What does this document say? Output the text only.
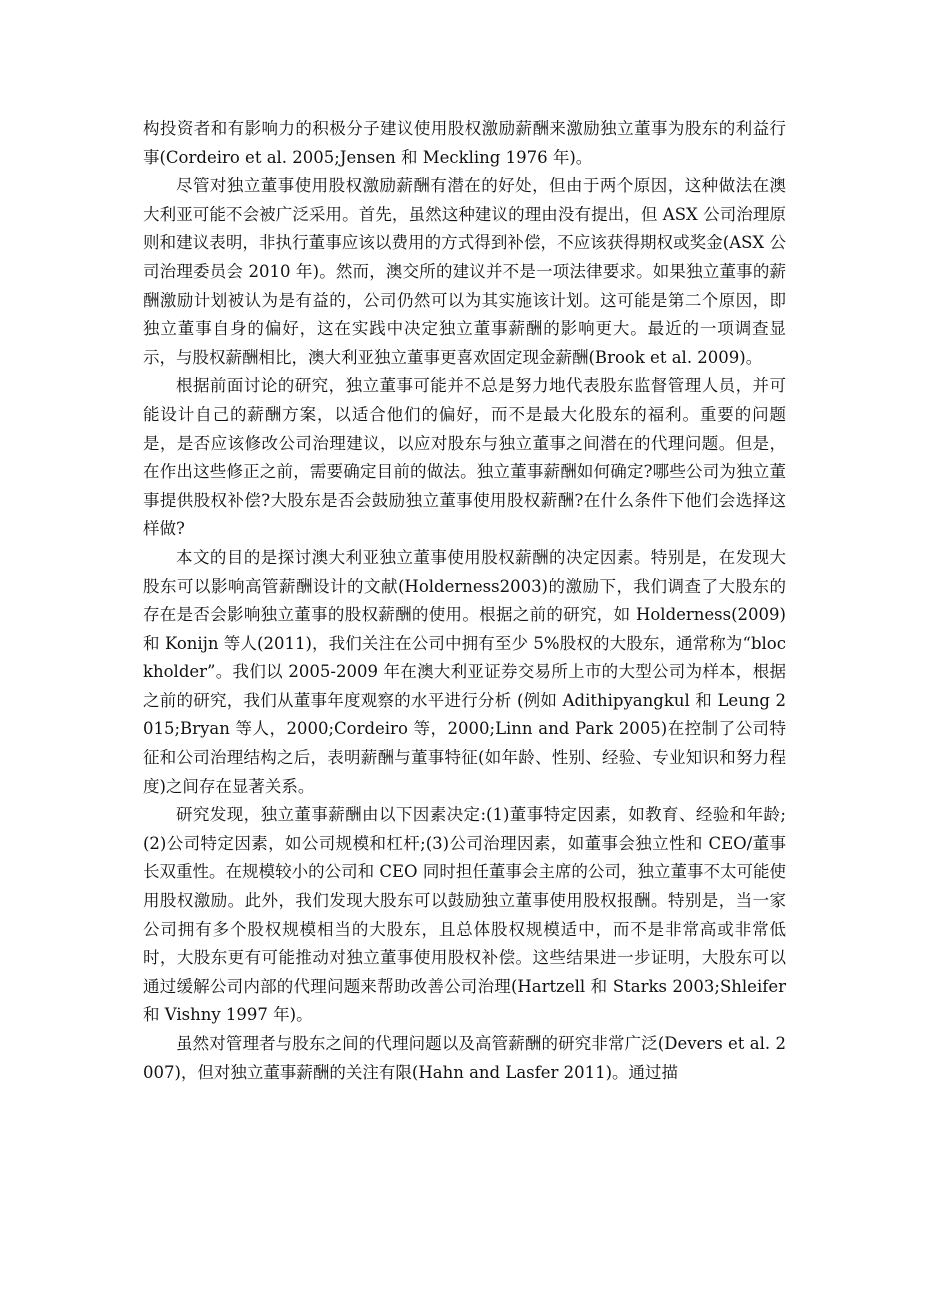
构投资者和有影响力的积极分子建议使用股权激励薪酬来激励独立董事为股东的利益行事(Cordeiro et al. 2005;Jensen 和 Meckling 1976 年)。

尽管对独立董事使用股权激励薪酬有潜在的好处，但由于两个原因，这种做法在澳大利亚可能不会被广泛采用。首先，虽然这种建议的理由没有提出，但 ASX 公司治理原则和建议表明，非执行董事应该以费用的方式得到补偿，不应该获得期权或奖金(ASX 公司治理委员会 2010 年)。然而，澳交所的建议并不是一项法律要求。如果独立董事的薪酬激励计划被认为是有益的，公司仍然可以为其实施该计划。这可能是第二个原因，即独立董事自身的偏好，这在实践中决定独立董事薪酬的影响更大。最近的一项调查显示，与股权薪酬相比，澳大利亚独立董事更喜欢固定现金薪酬(Brook et al. 2009)。

根据前面讨论的研究，独立董事可能并不总是努力地代表股东监督管理人员，并可能设计自己的薪酬方案，以适合他们的偏好，而不是最大化股东的福利。重要的问题是，是否应该修改公司治理建议，以应对股东与独立董事之间潜在的代理问题。但是，在作出这些修正之前，需要确定目前的做法。独立董事薪酬如何确定?哪些公司为独立董事提供股权补偿?大股东是否会鼓励独立董事使用股权薪酬?在什么条件下他们会选择这样做?

本文的目的是探讨澳大利亚独立董事使用股权薪酬的决定因素。特别是，在发现大股东可以影响高管薪酬设计的文献(Holderness2003)的激励下，我们调查了大股东的存在是否会影响独立董事的股权薪酬的使用。根据之前的研究，如 Holderness(2009)和 Konijn 等人(2011)，我们关注在公司中拥有至少 5%股权的大股东，通常称为“blockholder”。我们以 2005-2009 年在澳大利亚证券交易所上市的大型公司为样本，根据之前的研究，我们从董事年度观察的水平进行分析 (例如 Adithipyangkul 和 Leung 2015;Bryan 等人，2000;Cordeiro 等，2000;Linn and Park 2005)在控制了公司特征和公司治理结构之后，表明薪酬与董事特征(如年龄、性别、经验、专业知识和努力程度)之间存在显著关系。

研究发现，独立董事薪酬由以下因素决定:(1)董事特定因素，如教育、经验和年龄;(2)公司特定因素，如公司规模和杠杆;(3)公司治理因素，如董事会独立性和 CEO/董事长双重性。在规模较小的公司和 CEO 同时担任董事会主席的公司，独立董事不太可能使用股权激励。此外，我们发现大股东可以鼓励独立董事使用股权报酬。特别是，当一家公司拥有多个股权规模相当的大股东，且总体股权规模适中，而不是非常高或非常低时，大股东更有可能推动对独立董事使用股权补偿。这些结果进一步证明，大股东可以通过缓解公司内部的代理问题来帮助改善公司治理(Hartzell 和 Starks 2003;Shleifer 和 Vishny 1997 年)。

虽然对管理者与股东之间的代理问题以及高管薪酬的研究非常广泛(Devers et al. 2007)，但对独立董事薪酬的关注有限(Hahn and Lasfer 2011)。通过描
